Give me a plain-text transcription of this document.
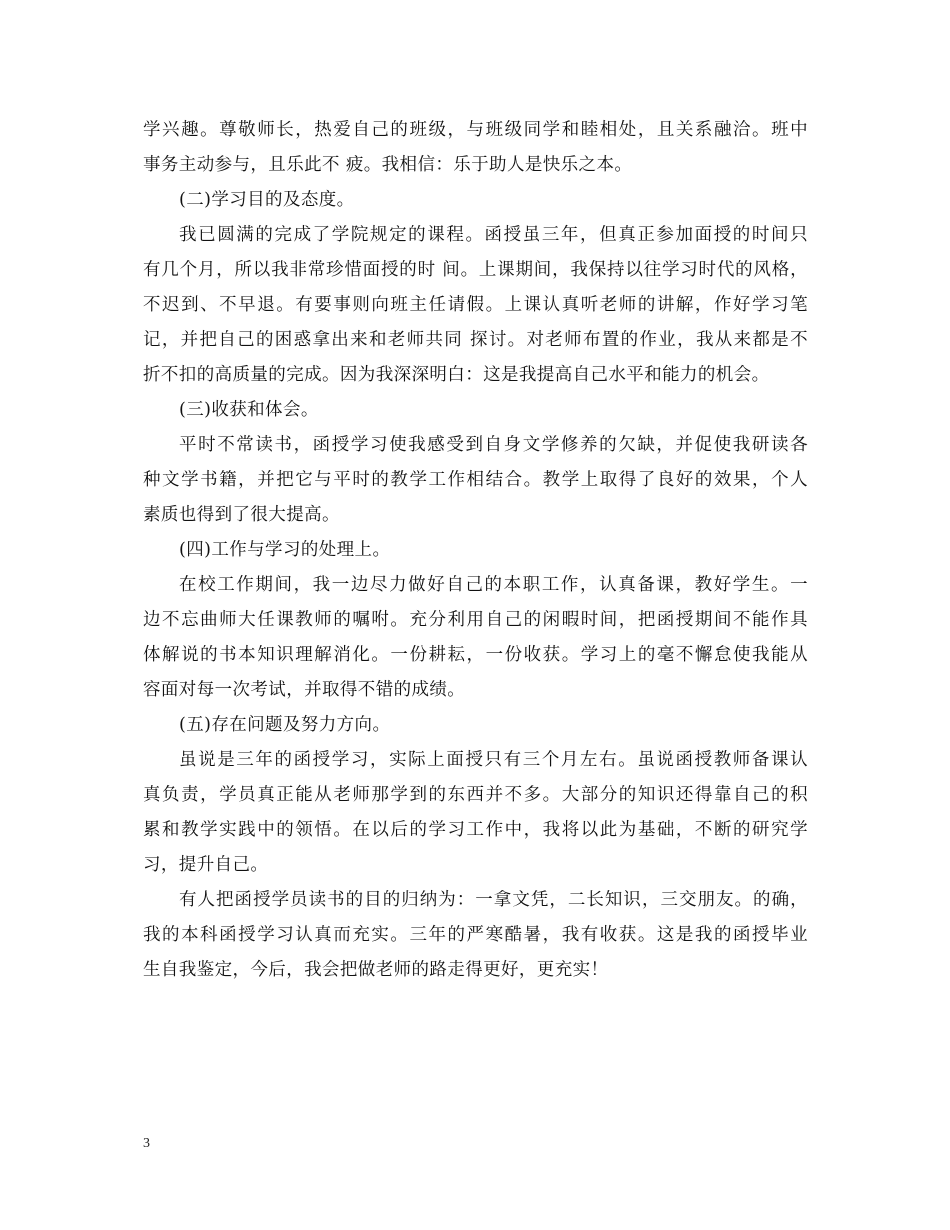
学兴趣。尊敬师长，热爱自己的班级，与班级同学和睦相处，且关系融洽。班中
事务主动参与，且乐此不 疲。我相信：乐于助人是快乐之本。
(二)学习目的及态度。
我已圆满的完成了学院规定的课程。函授虽三年，但真正参加面授的时间只
有几个月，所以我非常珍惜面授的时 间。上课期间，我保持以往学习时代的风格，
不迟到、不早退。有要事则向班主任请假。上课认真听老师的讲解，作好学习笔
记，并把自己的困惑拿出来和老师共同 探讨。对老师布置的作业，我从来都是不
折不扣的高质量的完成。因为我深深明白：这是我提高自己水平和能力的机会。
(三)收获和体会。
平时不常读书，函授学习使我感受到自身文学修养的欠缺，并促使我研读各
种文学书籍，并把它与平时的教学工作相结合。教学上取得了良好的效果，个人
素质也得到了很大提高。
(四)工作与学习的处理上。
在校工作期间，我一边尽力做好自己的本职工作，认真备课，教好学生。一
边不忘曲师大任课教师的嘱咐。充分利用自己的闲暇时间，把函授期间不能作具
体解说的书本知识理解消化。一份耕耘，一份收获。学习上的毫不懈怠使我能从
容面对每一次考试，并取得不错的成绩。
(五)存在问题及努力方向。
虽说是三年的函授学习，实际上面授只有三个月左右。虽说函授教师备课认
真负责，学员真正能从老师那学到的东西并不多。大部分的知识还得靠自己的积
累和教学实践中的领悟。在以后的学习工作中，我将以此为基础，不断的研究学
习，提升自己。
有人把函授学员读书的目的归纳为：一拿文凭，二长知识，三交朋友。的确，
我的本科函授学习认真而充实。三年的严寒酷暑，我有收获。这是我的函授毕业
生自我鉴定，今后，我会把做老师的路走得更好，更充实！
3
